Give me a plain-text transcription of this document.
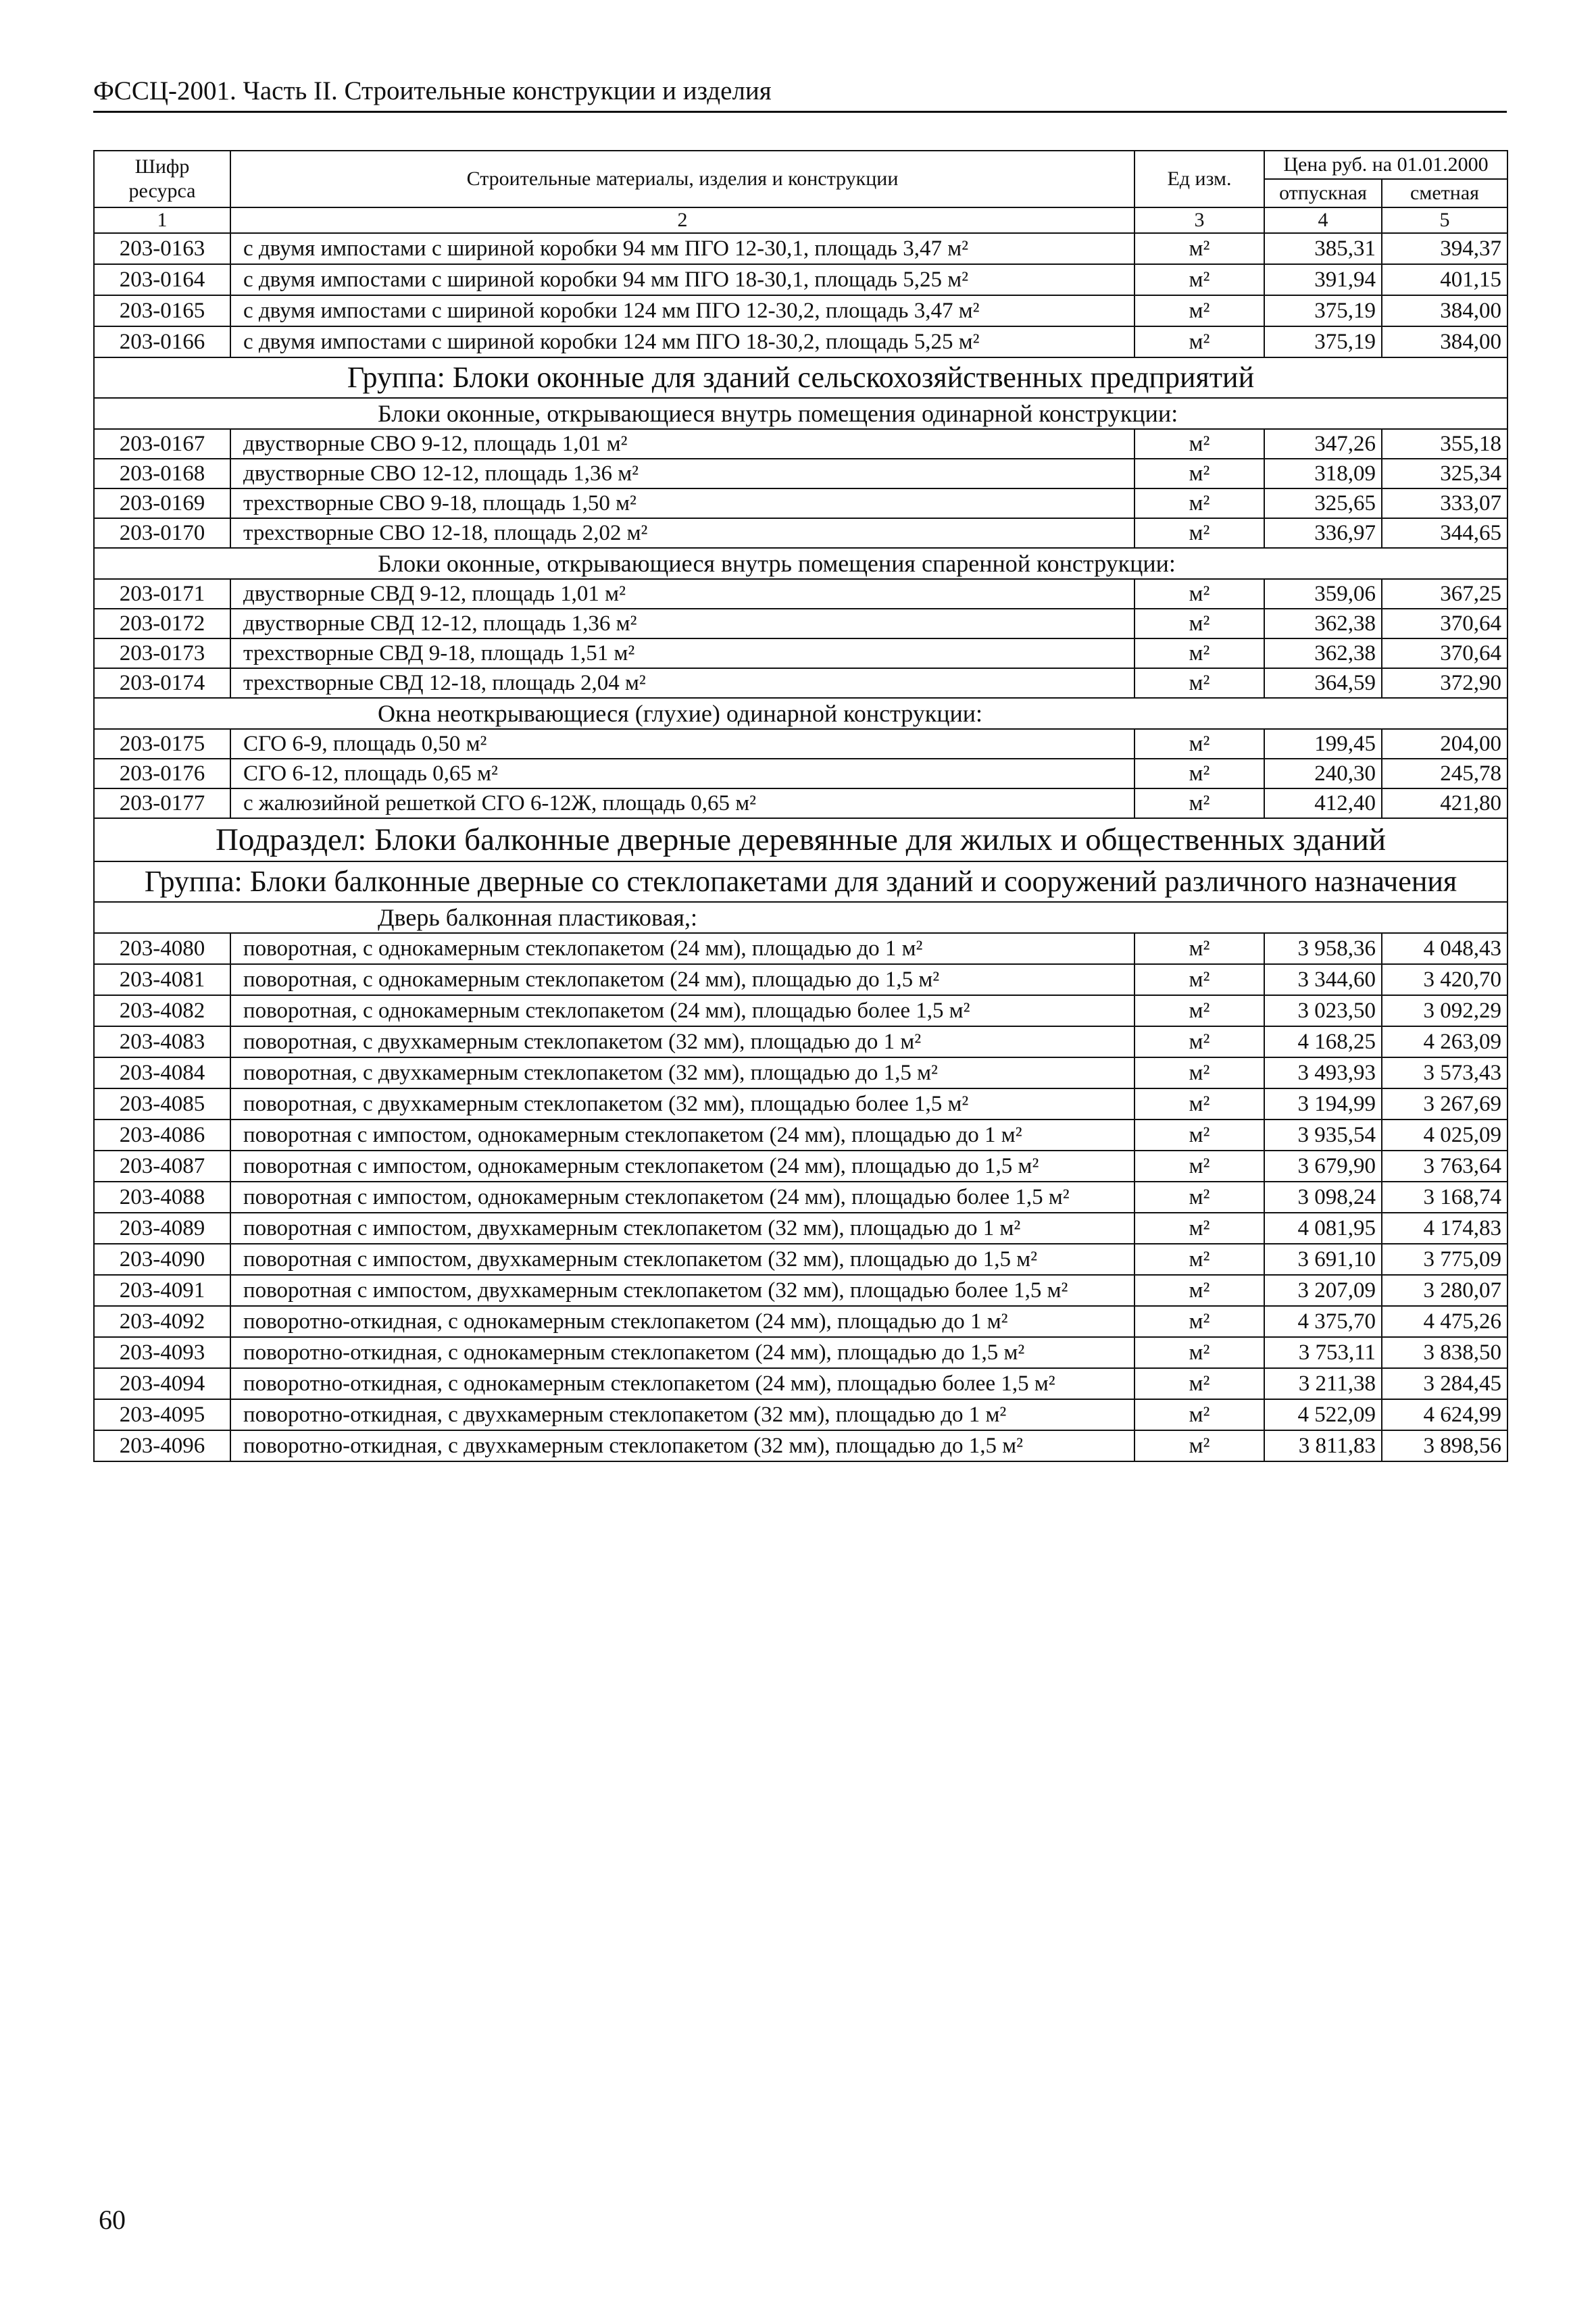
ФССЦ-2001. Часть II. Строительные конструкции и изделия
Шифр ресурса	Строительные материалы, изделия и конструкции	Ед изм.	Цена руб. на 01.01.2000	
			отпускная	сметная
1	2	3	4	5
203-0163	с двумя импостами с шириной коробки 94 мм ПГО 12-30,1, площадь 3,47 м²	м²	385,31	394,37
203-0164	с двумя импостами с шириной коробки 94 мм ПГО 18-30,1, площадь 5,25 м²	м²	391,94	401,15
203-0165	с двумя импостами с шириной коробки 124 мм ПГО 12-30,2, площадь 3,47 м²	м²	375,19	384,00
203-0166	с двумя импостами с шириной коробки 124 мм ПГО 18-30,2, площадь 5,25 м²	м²	375,19	384,00
Группа: Блоки оконные для зданий сельскохозяйственных предприятий				
	Блоки оконные, открывающиеся внутрь помещения одинарной конструкции:			
203-0167	двустворные СВО 9-12, площадь 1,01 м²	м²	347,26	355,18
203-0168	двустворные СВО 12-12, площадь 1,36 м²	м²	318,09	325,34
203-0169	трехстворные СВО 9-18, площадь 1,50 м²	м²	325,65	333,07
203-0170	трехстворные СВО 12-18, площадь 2,02 м²	м²	336,97	344,65
	Блоки оконные, открывающиеся внутрь помещения спаренной конструкции:			
203-0171	двустворные СВД 9-12, площадь 1,01 м²	м²	359,06	367,25
203-0172	двустворные СВД 12-12, площадь 1,36 м²	м²	362,38	370,64
203-0173	трехстворные СВД 9-18, площадь 1,51 м²	м²	362,38	370,64
203-0174	трехстворные СВД 12-18, площадь 2,04 м²	м²	364,59	372,90
	Окна неоткрывающиеся (глухие) одинарной конструкции:			
203-0175	СГО 6-9, площадь 0,50 м²	м²	199,45	204,00
203-0176	СГО 6-12, площадь 0,65 м²	м²	240,30	245,78
203-0177	с жалюзийной решеткой СГО 6-12Ж, площадь 0,65 м²	м²	412,40	421,80
Подраздел: Блоки балконные дверные деревянные для жилых и общественных зданий				
Группа: Блоки балконные дверные со стеклопакетами для зданий и сооружений различного назначения				
	Дверь балконная пластиковая,:			
203-4080	поворотная, с однокамерным стеклопакетом (24 мм), площадью до 1 м²	м²	3 958,36	4 048,43
203-4081	поворотная, с однокамерным стеклопакетом (24 мм), площадью до 1,5 м²	м²	3 344,60	3 420,70
203-4082	поворотная, с однокамерным стеклопакетом (24 мм), площадью более 1,5 м²	м²	3 023,50	3 092,29
203-4083	поворотная, с двухкамерным стеклопакетом (32 мм), площадью до 1 м²	м²	4 168,25	4 263,09
203-4084	поворотная, с двухкамерным стеклопакетом (32 мм), площадью до 1,5 м²	м²	3 493,93	3 573,43
203-4085	поворотная, с двухкамерным стеклопакетом (32 мм), площадью более 1,5 м²	м²	3 194,99	3 267,69
203-4086	поворотная с импостом, однокамерным стеклопакетом (24 мм), площадью до 1 м²	м²	3 935,54	4 025,09
203-4087	поворотная с импостом, однокамерным стеклопакетом (24 мм), площадью до 1,5 м²	м²	3 679,90	3 763,64
203-4088	поворотная с импостом, однокамерным стеклопакетом (24 мм), площадью более 1,5 м²	м²	3 098,24	3 168,74
203-4089	поворотная с импостом, двухкамерным стеклопакетом (32 мм), площадью до 1 м²	м²	4 081,95	4 174,83
203-4090	поворотная с импостом, двухкамерным стеклопакетом (32 мм), площадью до 1,5 м²	м²	3 691,10	3 775,09
203-4091	поворотная с импостом, двухкамерным стеклопакетом (32 мм), площадью более 1,5 м²	м²	3 207,09	3 280,07
203-4092	поворотно-откидная, с однокамерным стеклопакетом (24 мм), площадью до 1 м²	м²	4 375,70	4 475,26
203-4093	поворотно-откидная, с однокамерным стеклопакетом (24 мм), площадью до 1,5 м²	м²	3 753,11	3 838,50
203-4094	поворотно-откидная, с однокамерным стеклопакетом (24 мм), площадью более 1,5 м²	м²	3 211,38	3 284,45
203-4095	поворотно-откидная, с двухкамерным стеклопакетом (32 мм), площадью до 1 м²	м²	4 522,09	4 624,99
203-4096	поворотно-откидная, с двухкамерным стеклопакетом (32 мм), площадью до 1,5 м²	м²	3 811,83	3 898,56
60
